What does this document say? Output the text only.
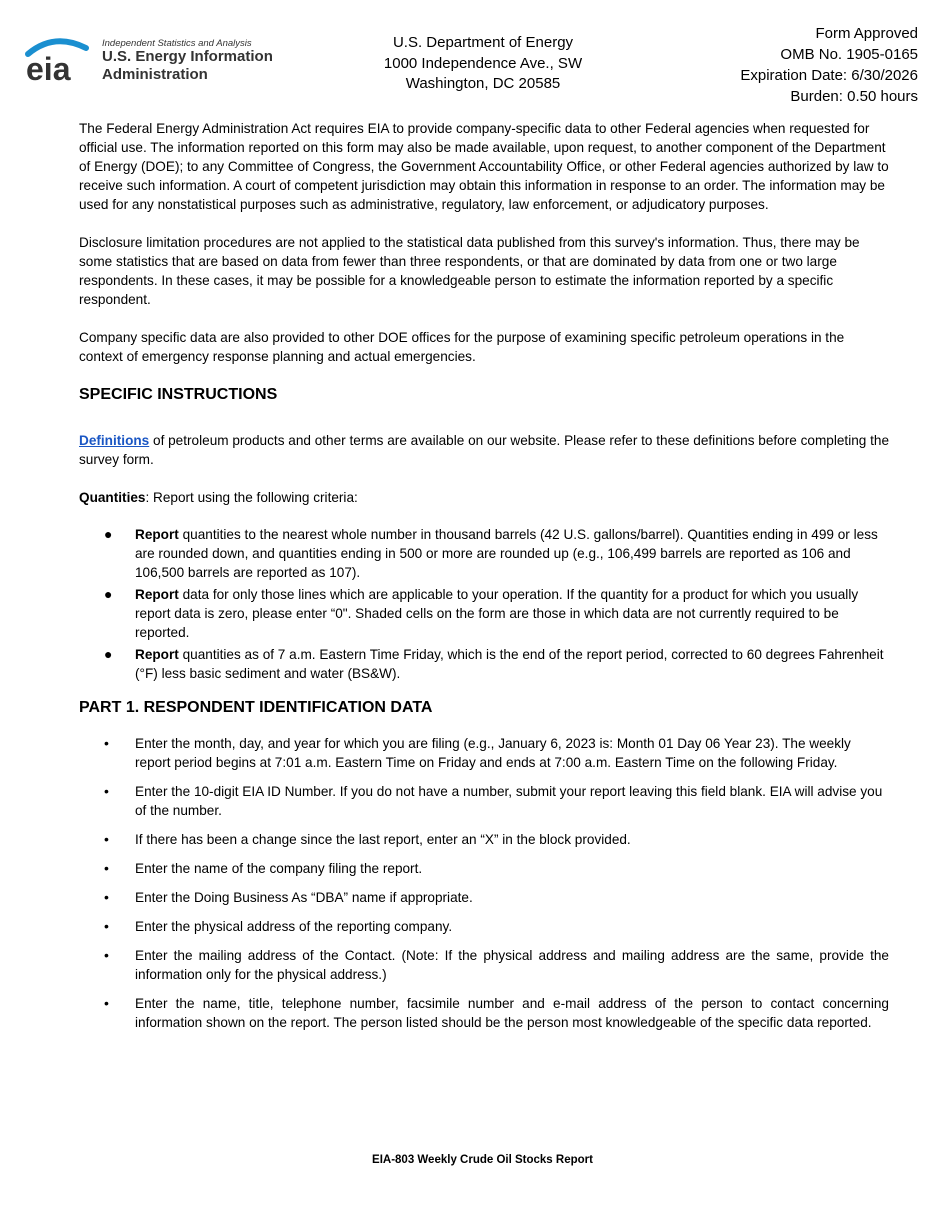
eia
Independent Statistics and Analysis
U.S. Energy Information
Administration
U.S. Department of Energy
1000 Independence Ave., SW
Washington, DC 20585
Form Approved
OMB No. 1905-0165
Expiration Date: 6/30/2026
Burden: 0.50 hours

The Federal Energy Administration Act requires EIA to provide company-specific data to other Federal agencies when requested for official use. The information reported on this form may also be made available, upon request, to another component of the Department of Energy (DOE); to any Committee of Congress, the Government Accountability Office, or other Federal agencies authorized by law to receive such information. A court of competent jurisdiction may obtain this information in response to an order. The information may be used for any nonstatistical purposes such as administrative, regulatory, law enforcement, or adjudicatory purposes.

Disclosure limitation procedures are not applied to the statistical data published from this survey's information. Thus, there may be some statistics that are based on data from fewer than three respondents, or that are dominated by data from one or two large respondents. In these cases, it may be possible for a knowledgeable person to estimate the information reported by a specific respondent.

Company specific data are also provided to other DOE offices for the purpose of examining specific petroleum operations in the context of emergency response planning and actual emergencies.

SPECIFIC INSTRUCTIONS

Definitions of petroleum products and other terms are available on our website. Please refer to these definitions before completing the survey form.

Quantities: Report using the following criteria:

● Report quantities to the nearest whole number in thousand barrels (42 U.S. gallons/barrel). Quantities ending in 499 or less are rounded down, and quantities ending in 500 or more are rounded up (e.g., 106,499 barrels are reported as 106 and 106,500 barrels are reported as 107).
● Report data for only those lines which are applicable to your operation. If the quantity for a product for which you usually report data is zero, please enter “0". Shaded cells on the form are those in which data are not currently required to be reported.
● Report quantities as of 7 a.m. Eastern Time Friday, which is the end of the report period, corrected to 60 degrees Fahrenheit (°F) less basic sediment and water (BS&W).
PART 1. RESPONDENT IDENTIFICATION DATA
• Enter the month, day, and year for which you are filing (e.g., January 6, 2023 is: Month 01 Day 06 Year 23). The weekly report period begins at 7:01 a.m. Eastern Time on Friday and ends at 7:00 a.m. Eastern Time on the following Friday.
• Enter the 10-digit EIA ID Number. If you do not have a number, submit your report leaving this field blank. EIA will advise you of the number.
• If there has been a change since the last report, enter an “X” in the block provided.
• Enter the name of the company filing the report.
• Enter the Doing Business As “DBA” name if appropriate.
• Enter the physical address of the reporting company.
• Enter the mailing address of the Contact. (Note: If the physical address and mailing address are the same, provide the information only for the physical address.)
• Enter the name, title, telephone number, facsimile number and e-mail address of the person to contact concerning information shown on the report. The person listed should be the person most knowledgeable of the specific data reported.
EIA-803 Weekly Crude Oil Stocks Report
